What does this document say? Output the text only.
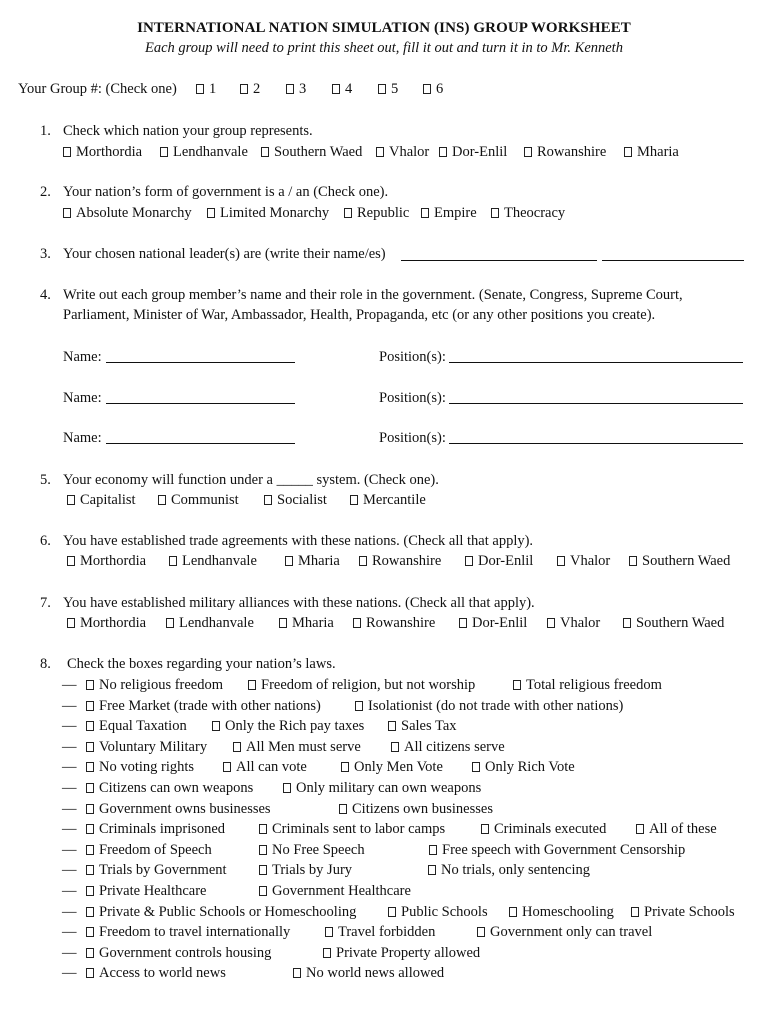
INTERNATIONAL NATION SIMULATION (INS) GROUP WORKSHEET
Each group will need to print this sheet out, fill it out and turn it in to Mr. Kenneth
Your Group #: (Check one)	1	2	3	4	5	6
1. Check which nation your group represents.
Morthordia	Lendhanvale	Southern Waed	Vhalor	Dor-Enlil	Rowanshire	Mharia
2. Your nation’s form of government is a / an (Check one).
Absolute Monarchy	Limited Monarchy	Republic	Empire	Theocracy
3. Your chosen national leader(s) are (write their name/es)
4. Write out each group member’s name and their role in the government. (Senate, Congress, Supreme Court,
Parliament, Minister of War, Ambassador, Health, Propaganda, etc (or any other positions you create).
Name:	Position(s):
Name:	Position(s):
Name:	Position(s):
5. Your economy will function under a _____ system. (Check one).
Capitalist	Communist	Socialist	Mercantile
6. You have established trade agreements with these nations. (Check all that apply).
Morthordia	Lendhanvale	Mharia	Rowanshire	Dor-Enlil	Vhalor	Southern Waed
7. You have established military alliances with these nations. (Check all that apply).
Morthordia	Lendhanvale	Mharia	Rowanshire	Dor-Enlil	Vhalor	Southern Waed
8. Check the boxes regarding your nation’s laws.
—	No religious freedom	Freedom of religion, but not worship	Total religious freedom
—	Free Market (trade with other nations)	Isolationist (do not trade with other nations)
—	Equal Taxation	Only the Rich pay taxes	Sales Tax
—	Voluntary Military	All Men must serve	All citizens serve
—	No voting rights	All can vote	Only Men Vote	Only Rich Vote
—	Citizens can own weapons	Only military can own weapons
—	Government owns businesses	Citizens own businesses
—	Criminals imprisoned	Criminals sent to labor camps	Criminals executed	All of these
—	Freedom of Speech	No Free Speech	Free speech with Government Censorship
—	Trials by Government	Trials by Jury	No trials, only sentencing
—	Private Healthcare	Government Healthcare
—	Private & Public Schools or Homeschooling	Public Schools	Homeschooling	Private Schools
—	Freedom to travel internationally	Travel forbidden	Government only can travel
—	Government controls housing	Private Property allowed
—	Access to world news	No world news allowed
